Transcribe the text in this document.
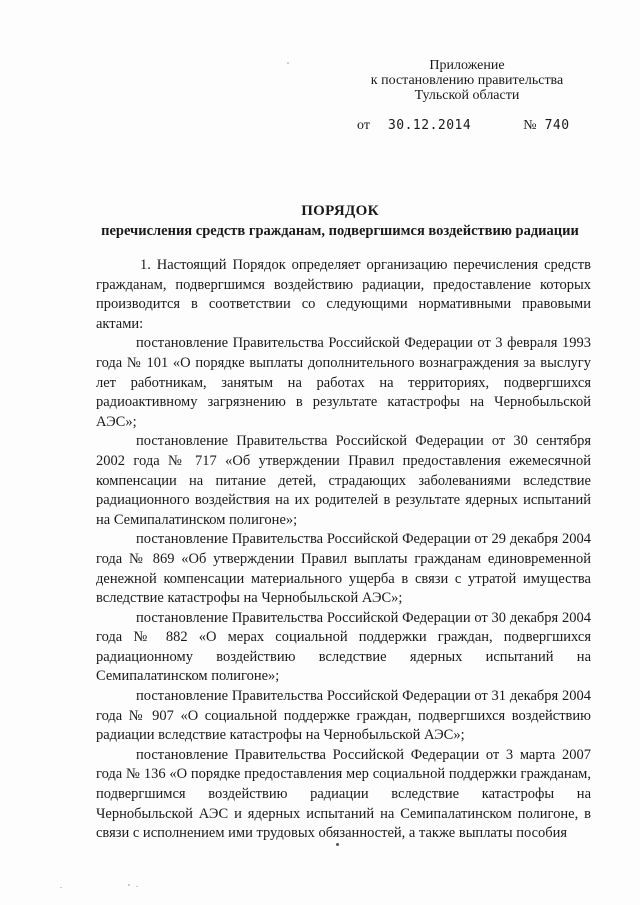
Приложение
к постановлению правительства
Тульской области
от 30.12.2014	№ 740
ПОРЯДОК
перечисления средств гражданам, подвергшимся воздействию радиации

1. Настоящий Порядок определяет организацию перечисления средств гражданам, подвергшимся воздействию радиации, предоставление которых производится в соответствии со следующими нормативными правовыми актами:

постановление Правительства Российской Федерации от 3 февраля 1993 года № 101 «О порядке выплаты дополнительного вознаграждения за выслугу лет работникам, занятым на работах на территориях, подвергшихся радиоактивному загрязнению в результате катастрофы на Чернобыльской АЭС»;

постановление Правительства Российской Федерации от 30 сентября 2002 года № 717 «Об утверждении Правил предоставления ежемесячной компенсации на питание детей, страдающих заболеваниями вследствие радиационного воздействия на их родителей в результате ядерных испытаний на Семипалатинском полигоне»;

постановление Правительства Российской Федерации от 29 декабря 2004 года № 869 «Об утверждении Правил выплаты гражданам единовременной денежной компенсации материального ущерба в связи с утратой имущества вследствие катастрофы на Чернобыльской АЭС»;

постановление Правительства Российской Федерации от 30 декабря 2004 года № 882 «О мерах социальной поддержки граждан, подвергшихся радиационному воздействию вследствие ядерных испытаний на Семипалатинском полигоне»;

постановление Правительства Российской Федерации от 31 декабря 2004 года № 907 «О социальной поддержке граждан, подвергшихся воздействию радиации вследствие катастрофы на Чернобыльской АЭС»;

постановление Правительства Российской Федерации от 3 марта 2007 года № 136 «О порядке предоставления мер социальной поддержки гражданам, подвергшимся воздействию радиации вследствие катастрофы на Чернобыльской АЭС и ядерных испытаний на Семипалатинском полигоне, в связи с исполнением ими трудовых обязанностей, а также выплаты пособия
